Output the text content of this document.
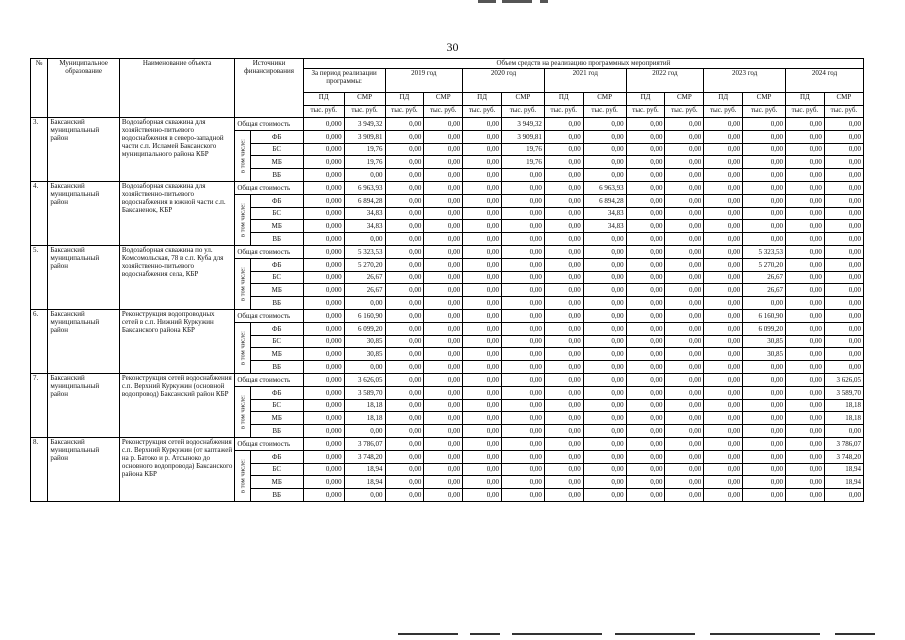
30
№	Муниципальное образование	Наименование объекта	Источники финансирования		Объем средств на реализацию программных мероприятий													
					За период реализации программы:		2019 год		2020 год		2021 год		2022 год		2023 год		2024 год	
					ПД	СМР	ПД	СМР	ПД	СМР	ПД	СМР	ПД	СМР	ПД	СМР	ПД	СМР
					тыс. руб.	тыс. руб.	тыс. руб.	тыс. руб.	тыс. руб.	тыс. руб.	тыс. руб.	тыс. руб.	тыс. руб.	тыс. руб.	тыс. руб.	тыс. руб.	тыс. руб.	тыс. руб.
3.	Баксанский муниципальный район	Водозаборная скважина для хозяйственно-питьевого водоснабжения в северо-западной части с.п. Исламей Баксанского муниципального района КБР	Общая стоимость		0,000	3 949,32	0,00	0,00	0,00	3 949,32	0,00	0,00	0,00	0,00	0,00	0,00	0,00	0,00

			в том числе:	ФБ	0,000	3 909,81	0,00	0,00	0,00	3 909,81	0,00	0,00	0,00	0,00	0,00	0,00	0,00	0,00
				БС	0,000	19,76	0,00	0,00	0,00	19,76	0,00	0,00	0,00	0,00	0,00	0,00	0,00	0,00
				МБ	0,000	19,76	0,00	0,00	0,00	19,76	0,00	0,00	0,00	0,00	0,00	0,00	0,00	0,00
				ВБ	0,000	0,00	0,00	0,00	0,00	0,00	0,00	0,00	0,00	0,00	0,00	0,00	0,00	0,00
4.	Баксанский муниципальный район	Водозаборная скважина для хозяйственно-питьевого водоснабжения в южной части с.п. Баксаненок, КБР	Общая стоимость		0,000	6 963,93	0,00	0,00	0,00	0,00	0,00	6 963,93	0,00	0,00	0,00	0,00	0,00	0,00

			в том числе:	ФБ	0,000	6 894,28	0,00	0,00	0,00	0,00	0,00	6 894,28	0,00	0,00	0,00	0,00	0,00	0,00
				БС	0,000	34,83	0,00	0,00	0,00	0,00	0,00	34,83	0,00	0,00	0,00	0,00	0,00	0,00
				МБ	0,000	34,83	0,00	0,00	0,00	0,00	0,00	34,83	0,00	0,00	0,00	0,00	0,00	0,00
				ВБ	0,000	0,00	0,00	0,00	0,00	0,00	0,00	0,00	0,00	0,00	0,00	0,00	0,00	0,00
5.	Баксанский муниципальный район	Водозаборная скважина по ул. Комсомольская, 78 в с.п. Куба для хозяйственно-питьевого водоснабжения села, КБР	Общая стоимость		0,000	5 323,53	0,00	0,00	0,00	0,00	0,00	0,00	0,00	0,00	0,00	5 323,53	0,00	0,00

			в том числе:	ФБ	0,000	5 270,20	0,00	0,00	0,00	0,00	0,00	0,00	0,00	0,00	0,00	5 270,20	0,00	0,00
				БС	0,000	26,67	0,00	0,00	0,00	0,00	0,00	0,00	0,00	0,00	0,00	26,67	0,00	0,00
				МБ	0,000	26,67	0,00	0,00	0,00	0,00	0,00	0,00	0,00	0,00	0,00	26,67	0,00	0,00
				ВБ	0,000	0,00	0,00	0,00	0,00	0,00	0,00	0,00	0,00	0,00	0,00	0,00	0,00	0,00
6.	Баксанский муниципальный район	Реконструкция водопроводных сетей в с.п. Нижний Куркужин Баксанского района КБР	Общая стоимость		0,000	6 160,90	0,00	0,00	0,00	0,00	0,00	0,00	0,00	0,00	0,00	6 160,90	0,00	0,00

			в том числе:	ФБ	0,000	6 099,20	0,00	0,00	0,00	0,00	0,00	0,00	0,00	0,00	0,00	6 099,20	0,00	0,00
				БС	0,000	30,85	0,00	0,00	0,00	0,00	0,00	0,00	0,00	0,00	0,00	30,85	0,00	0,00
				МБ	0,000	30,85	0,00	0,00	0,00	0,00	0,00	0,00	0,00	0,00	0,00	30,85	0,00	0,00
				ВБ	0,000	0,00	0,00	0,00	0,00	0,00	0,00	0,00	0,00	0,00	0,00	0,00	0,00	0,00
7.	Баксанский муниципальный район	Реконструкция сетей водоснабжения с.п. Верхний Куркужин (основной водопровод) Баксанский район КБР	Общая стоимость		0,000	3 626,05	0,00	0,00	0,00	0,00	0,00	0,00	0,00	0,00	0,00	0,00	0,00	3 626,05

			в том числе:	ФБ	0,000	3 589,70	0,00	0,00	0,00	0,00	0,00	0,00	0,00	0,00	0,00	0,00	0,00	3 589,70
				БС	0,000	18,18	0,00	0,00	0,00	0,00	0,00	0,00	0,00	0,00	0,00	0,00	0,00	18,18
				МБ	0,000	18,18	0,00	0,00	0,00	0,00	0,00	0,00	0,00	0,00	0,00	0,00	0,00	18,18
				ВБ	0,000	0,00	0,00	0,00	0,00	0,00	0,00	0,00	0,00	0,00	0,00	0,00	0,00	0,00
8.	Баксанский муниципальный район	Реконструкция сетей водоснабжения с.п. Верхний Куркужин (от каптажей на р. Батоко и р. Атсыноко до основного водопровода) Баксанского района КБР	Общая стоимость		0,000	3 786,07	0,00	0,00	0,00	0,00	0,00	0,00	0,00	0,00	0,00	0,00	0,00	3 786,07

			в том числе:	ФБ	0,000	3 748,20	0,00	0,00	0,00	0,00	0,00	0,00	0,00	0,00	0,00	0,00	0,00	3 748,20
				БС	0,000	18,94	0,00	0,00	0,00	0,00	0,00	0,00	0,00	0,00	0,00	0,00	0,00	18,94
				МБ	0,000	18,94	0,00	0,00	0,00	0,00	0,00	0,00	0,00	0,00	0,00	0,00	0,00	18,94
				ВБ	0,000	0,00	0,00	0,00	0,00	0,00	0,00	0,00	0,00	0,00	0,00	0,00	0,00	0,00
